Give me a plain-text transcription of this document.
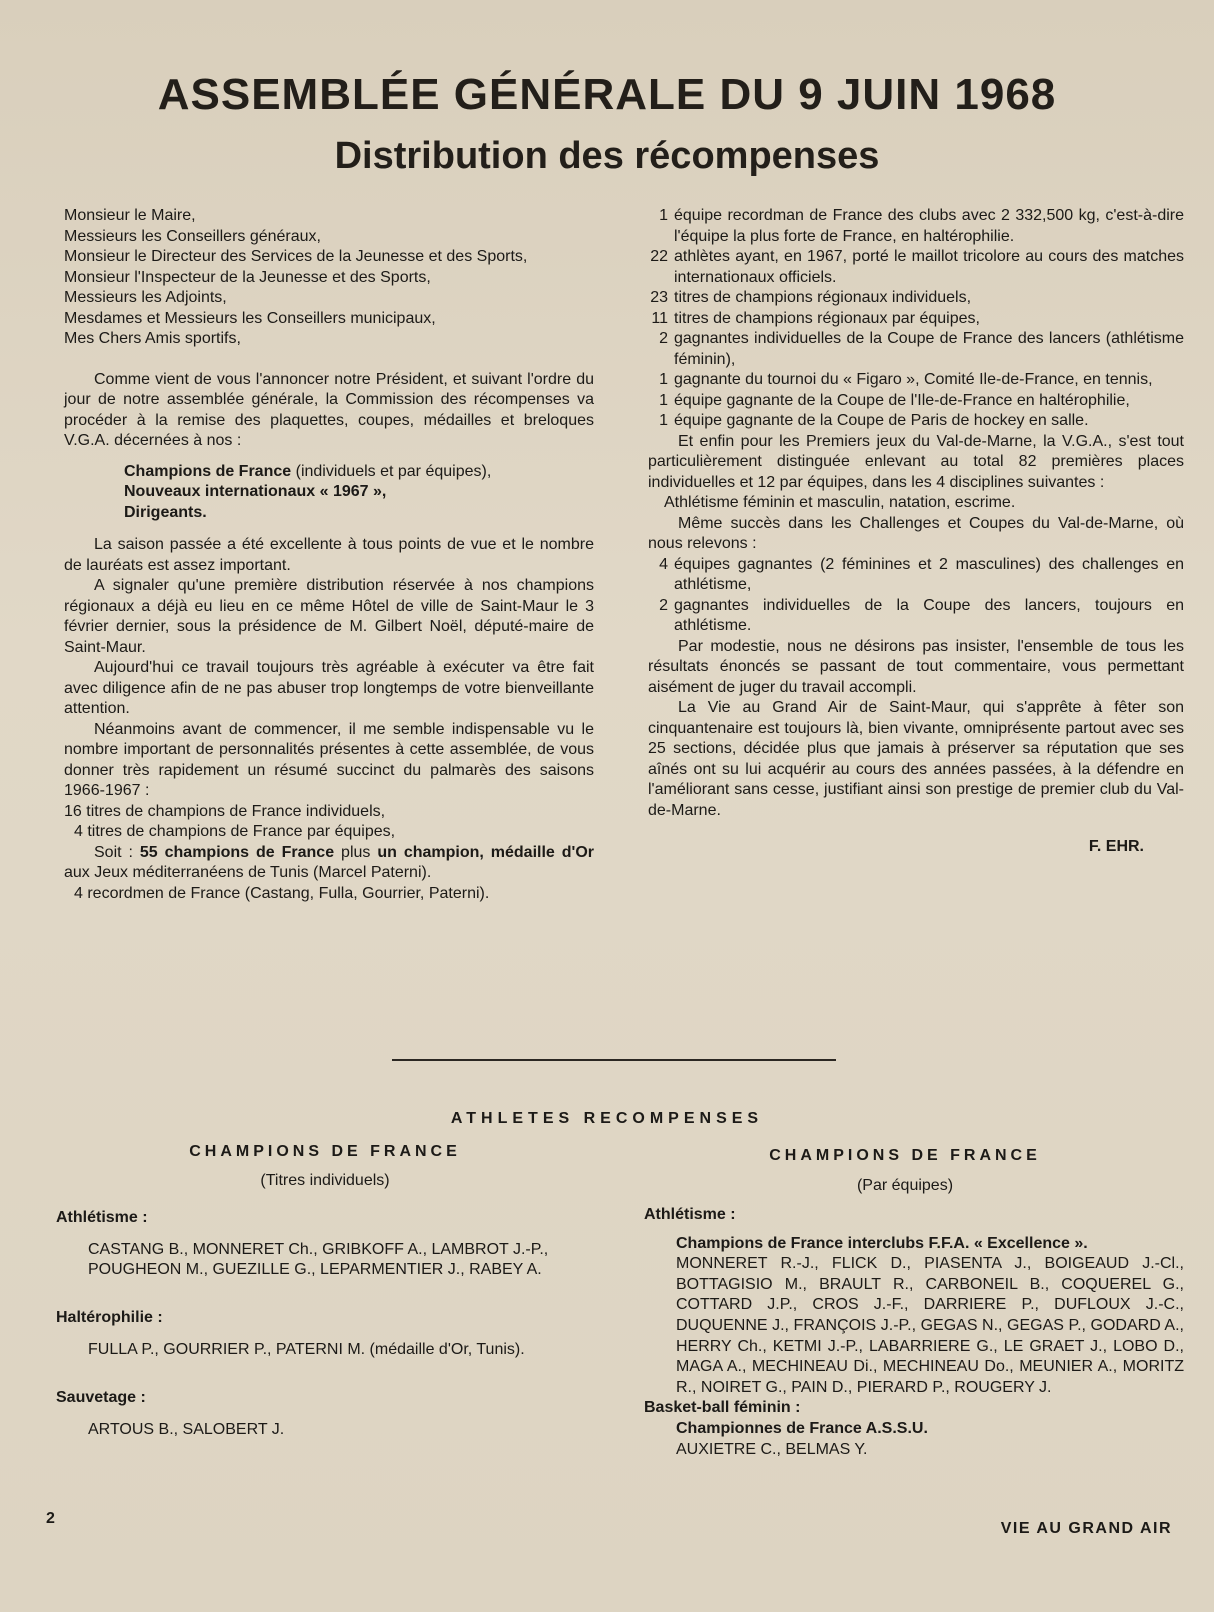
ASSEMBLÉE GÉNÉRALE DU 9 JUIN 1968
Distribution des récompenses

Monsieur le Maire,

Messieurs les Conseillers généraux,

Monsieur le Directeur des Services de la Jeunesse et des Sports,

Monsieur l'Inspecteur de la Jeunesse et des Sports,

Messieurs les Adjoints,

Mesdames et Messieurs les Conseillers municipaux,

Mes Chers Amis sportifs,

Comme vient de vous l'annoncer notre Président, et suivant l'ordre du jour de notre assemblée générale, la Commission des récompenses va procéder à la remise des plaquettes, coupes, médailles et breloques V.G.A. décernées à nos :

Champions de France (individuels et par équipes),
Nouveaux internationaux « 1967 »,
Dirigeants.

La saison passée a été excellente à tous points de vue et le nombre de lauréats est assez important.

A signaler qu'une première distribution réservée à nos champions régionaux a déjà eu lieu en ce même Hôtel de ville de Saint-Maur le 3 février dernier, sous la présidence de M. Gilbert Noël, député-maire de Saint-Maur.

Aujourd'hui ce travail toujours très agréable à exécuter va être fait avec diligence afin de ne pas abuser trop longtemps de votre bienveillante attention.

Néanmoins avant de commencer, il me semble indispensable vu le nombre important de personnalités présentes à cette assemblée, de vous donner très rapidement un résumé succinct du palmarès des saisons 1966-1967 :

16 titres de champions de France individuels,

4 titres de champions de France par équipes,

Soit : 55 champions de France plus un champion, médaille d'Or aux Jeux méditerranéens de Tunis (Marcel Paterni).

4 recordmen de France (Castang, Fulla, Gourrier, Paterni).

1 équipe recordman de France des clubs avec 2 332,500 kg, c'est-à-dire l'équipe la plus forte de France, en haltérophilie.
22 athlètes ayant, en 1967, porté le maillot tricolore au cours des matches internationaux officiels.
23 titres de champions régionaux individuels,
11 titres de champions régionaux par équipes,
2 gagnantes individuelles de la Coupe de France des lancers (athlétisme féminin),
1 gagnante du tournoi du « Figaro », Comité Ile-de-France, en tennis,
1 équipe gagnante de la Coupe de l'Ile-de-France en haltérophilie,
1 équipe gagnante de la Coupe de Paris de hockey en salle.

Et enfin pour les Premiers jeux du Val-de-Marne, la V.G.A., s'est tout particulièrement distinguée enlevant au total 82 premières places individuelles et 12 par équipes, dans les 4 disciplines suivantes :

Athlétisme féminin et masculin, natation, escrime.

Même succès dans les Challenges et Coupes du Val-de-Marne, où nous relevons :

4 équipes gagnantes (2 féminines et 2 masculines) des challenges en athlétisme,
2 gagnantes individuelles de la Coupe des lancers, toujours en athlétisme.

Par modestie, nous ne désirons pas insister, l'ensemble de tous les résultats énoncés se passant de tout commentaire, vous permettant aisément de juger du travail accompli.

La Vie au Grand Air de Saint-Maur, qui s'apprête à fêter son cinquantenaire est toujours là, bien vivante, omniprésente partout avec ses 25 sections, décidée plus que jamais à préserver sa réputation que ses aînés ont su lui acquérir au cours des années passées, à la défendre en l'améliorant sans cesse, justifiant ainsi son prestige de premier club du Val-de-Marne.

F. EHR.

ATHLETES RECOMPENSES
CHAMPIONS DE FRANCE
(Titres individuels)
CHAMPIONS DE FRANCE
(Par équipes)

Athlétisme :

CASTANG B., MONNERET Ch., GRIBKOFF A., LAMBROT J.-P., POUGHEON M., GUEZILLE G., LEPARMENTIER J., RABEY A.

Haltérophilie :

FULLA P., GOURRIER P., PATERNI M. (médaille d'Or, Tunis).

Sauvetage :

ARTOUS B., SALOBERT J.

Athlétisme :

Champions de France interclubs F.F.A. « Excellence ».

MONNERET R.-J., FLICK D., PIASENTA J., BOIGEAUD J.-Cl., BOTTAGISIO M., BRAULT R., CARBONEIL B., COQUEREL G., COTTARD J.P., CROS J.-F., DARRIERE P., DUFLOUX J.-C., DUQUENNE J., FRANÇOIS J.-P., GEGAS N., GEGAS P., GODARD A., HERRY Ch., KETMI J.-P., LABARRIERE G., LE GRAET J., LOBO D., MAGA A., MECHINEAU Di., MECHINEAU Do., MEUNIER A., MORITZ R., NOIRET G., PAIN D., PIERARD P., ROUGERY J.

Basket-ball féminin :

Championnes de France A.S.S.U.

AUXIETRE C., BELMAS Y.

2
VIE AU GRAND AIR
